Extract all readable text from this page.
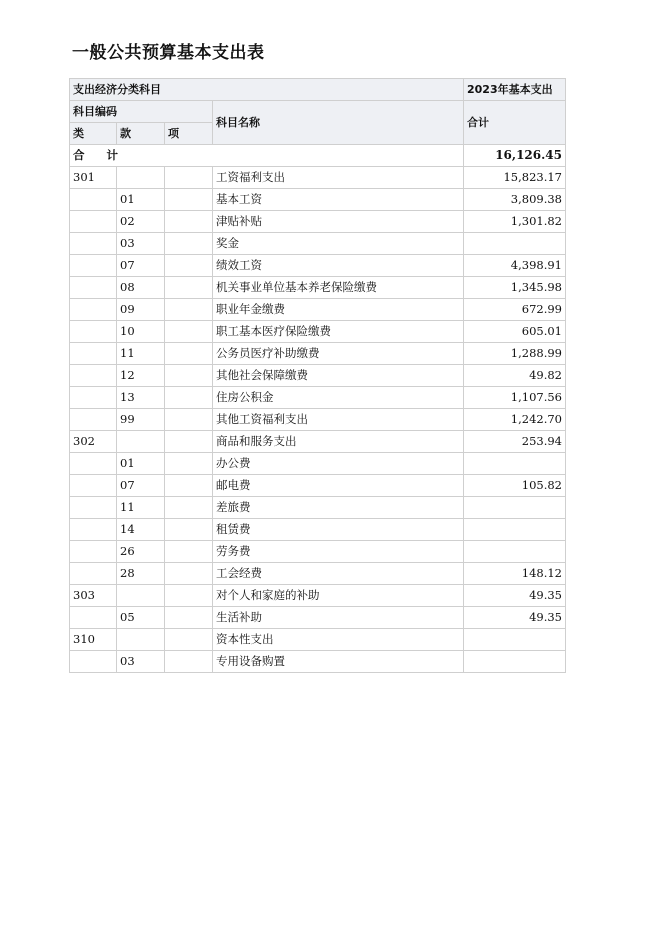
一般公共预算基本支出表
支出经济分类科目				2023年基本支出
科目编码			科目名称	合计
类	款	项		
合 计				16,126.45
301			工资福利支出	15,823.17
	01		基本工资	3,809.38
	02		津贴补贴	1,301.82
	03		奖金	
	07		绩效工资	4,398.91
	08		机关事业单位基本养老保险缴费	1,345.98
	09		职业年金缴费	672.99
	10		职工基本医疗保险缴费	605.01
	11		公务员医疗补助缴费	1,288.99
	12		其他社会保障缴费	49.82
	13		住房公积金	1,107.56
	99		其他工资福利支出	1,242.70
302			商品和服务支出	253.94
	01		办公费	
	07		邮电费	105.82
	11		差旅费	
	14		租赁费	
	26		劳务费	
	28		工会经费	148.12
303			对个人和家庭的补助	49.35
	05		生活补助	49.35
310			资本性支出	
	03		专用设备购置	
